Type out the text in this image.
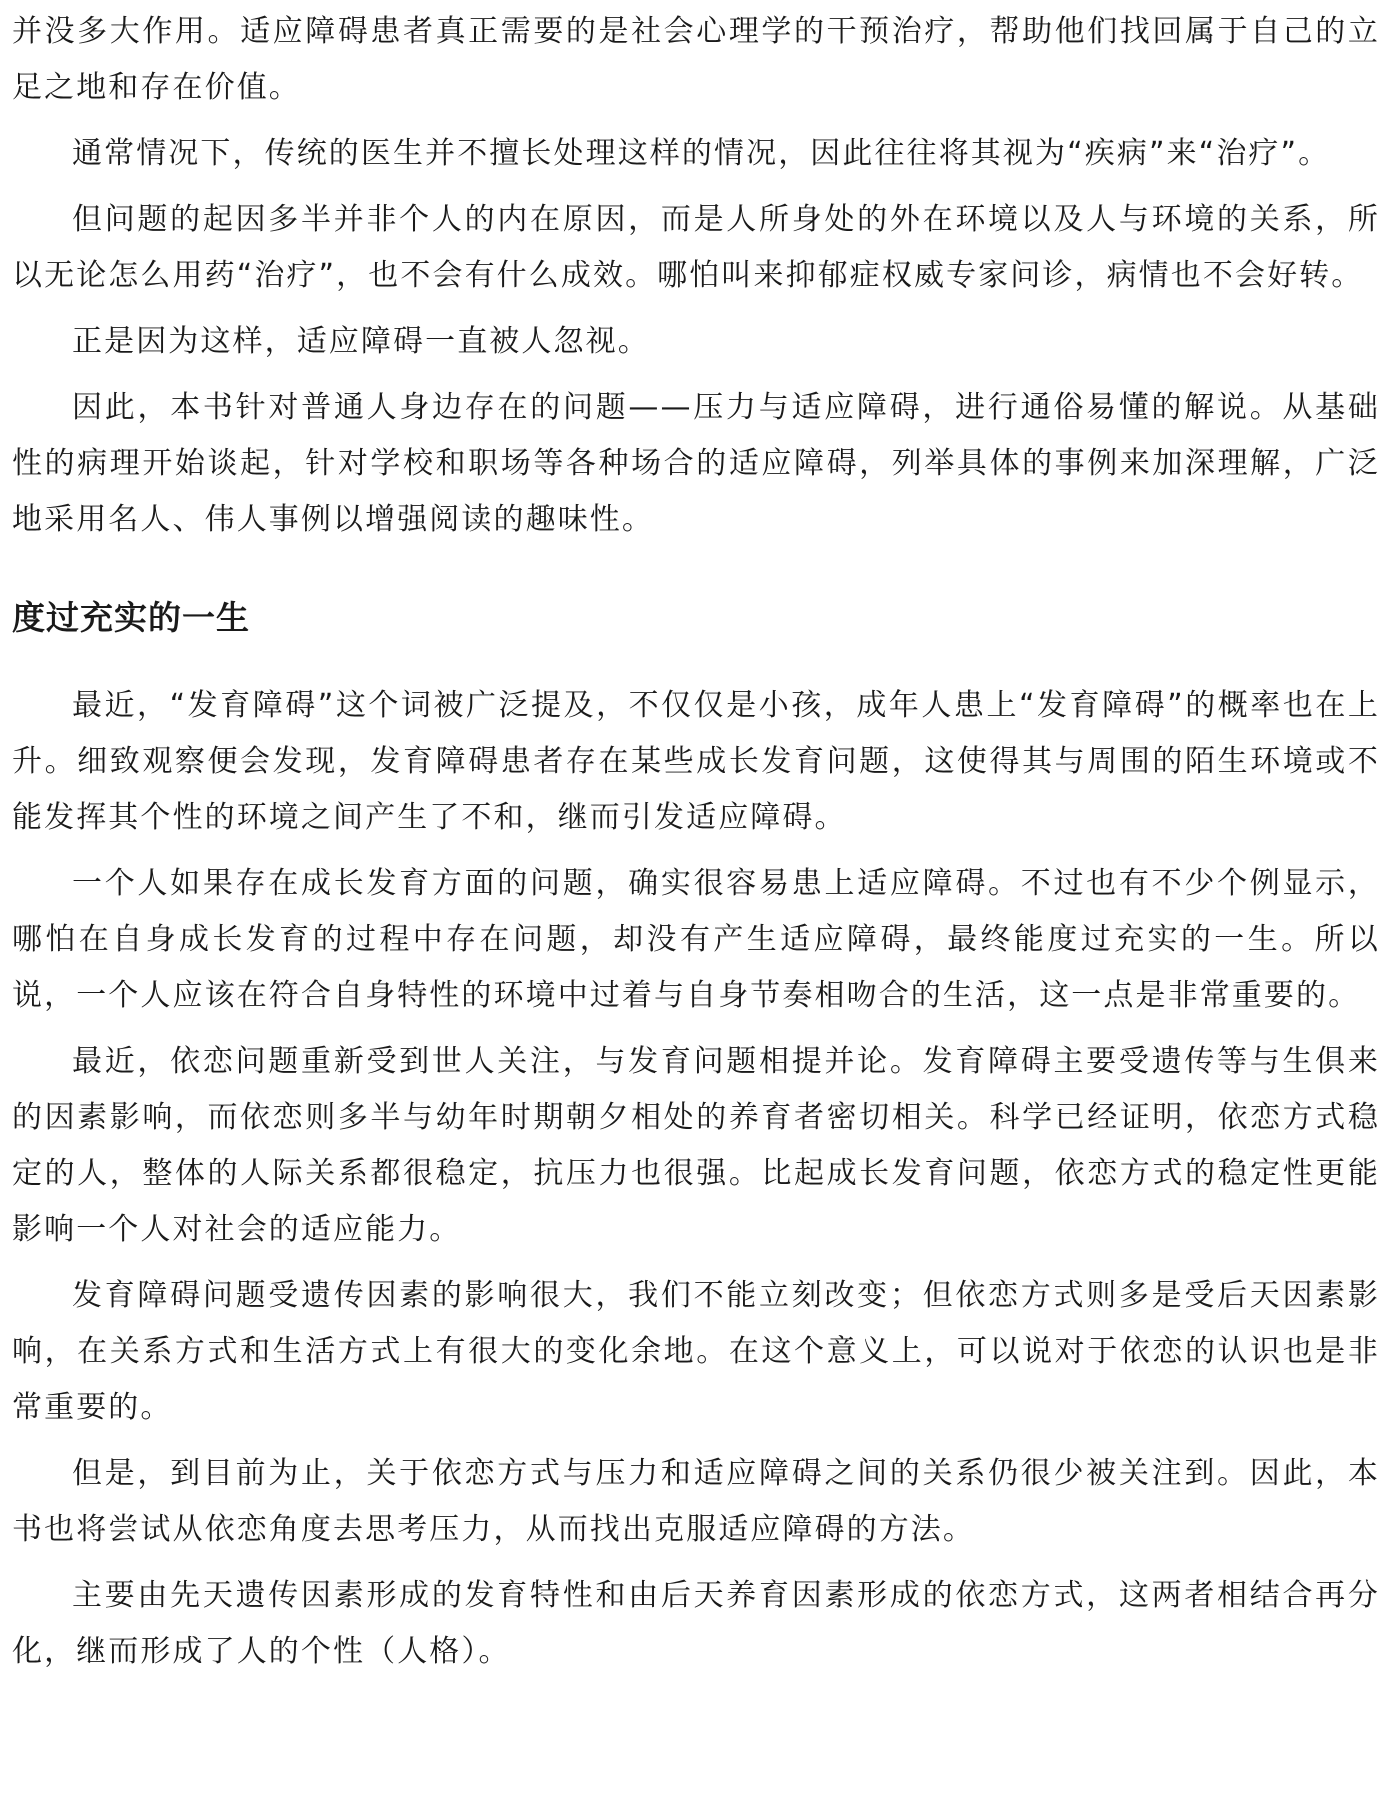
并没多大作用。适应障碍患者真正需要的是社会心理学的干预治疗，帮助他们找回属于自己的立足之地和存在价值。

通常情况下，传统的医生并不擅长处理这样的情况，因此往往将其视为“疾病”来“治疗”。

但问题的起因多半并非个人的内在原因，而是人所身处的外在环境以及人与环境的关系，所以无论怎么用药“治疗”，也不会有什么成效。哪怕叫来抑郁症权威专家问诊，病情也不会好转。

正是因为这样，适应障碍一直被人忽视。

因此，本书针对普通人身边存在的问题——压力与适应障碍，进行通俗易懂的解说。从基础性的病理开始谈起，针对学校和职场等各种场合的适应障碍，列举具体的事例来加深理解，广泛地采用名人、伟人事例以增强阅读的趣味性。

度过充实的一生

最近，“发育障碍”这个词被广泛提及，不仅仅是小孩，成年人患上“发育障碍”的概率也在上升。细致观察便会发现，发育障碍患者存在某些成长发育问题，这使得其与周围的陌生环境或不能发挥其个性的环境之间产生了不和，继而引发适应障碍。

一个人如果存在成长发育方面的问题，确实很容易患上适应障碍。不过也有不少个例显示，哪怕在自身成长发育的过程中存在问题，却没有产生适应障碍，最终能度过充实的一生。所以说，一个人应该在符合自身特性的环境中过着与自身节奏相吻合的生活，这一点是非常重要的。

最近，依恋问题重新受到世人关注，与发育问题相提并论。发育障碍主要受遗传等与生俱来的因素影响，而依恋则多半与幼年时期朝夕相处的养育者密切相关。科学已经证明，依恋方式稳定的人，整体的人际关系都很稳定，抗压力也很强。比起成长发育问题，依恋方式的稳定性更能影响一个人对社会的适应能力。

发育障碍问题受遗传因素的影响很大，我们不能立刻改变；但依恋方式则多是受后天因素影响，在关系方式和生活方式上有很大的变化余地。在这个意义上，可以说对于依恋的认识也是非常重要的。

但是，到目前为止，关于依恋方式与压力和适应障碍之间的关系仍很少被关注到。因此，本书也将尝试从依恋角度去思考压力，从而找出克服适应障碍的方法。

主要由先天遗传因素形成的发育特性和由后天养育因素形成的依恋方式，这两者相结合再分化，继而形成了人的个性（人格）。
